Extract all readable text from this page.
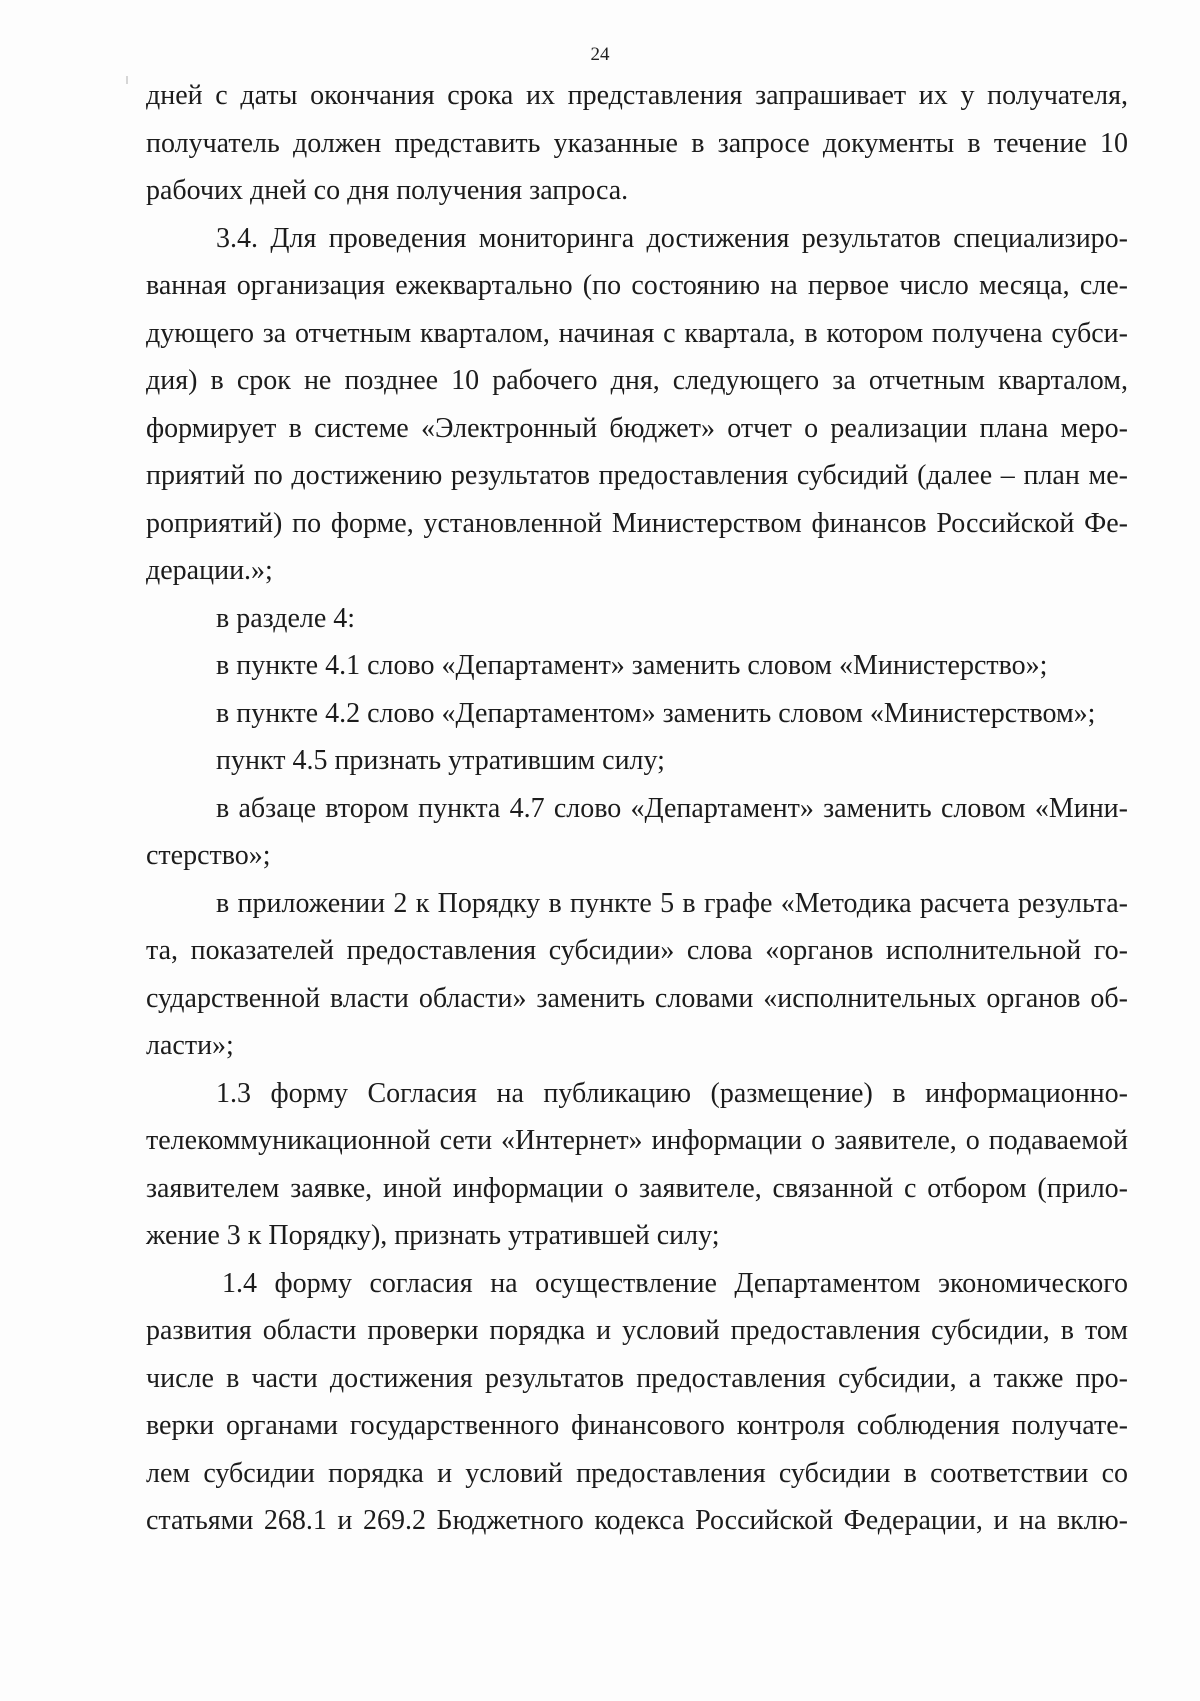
24
дней с даты окончания срока их представления запрашивает их у получателя,
получатель должен представить указанные в запросе документы в течение 10
рабочих дней со дня получения запроса.
3.4. Для проведения мониторинга достижения результатов специализиро-
ванная организация ежеквартально (по состоянию на первое число месяца, сле-
дующего за отчетным кварталом, начиная с квартала, в котором получена субси-
дия) в срок не позднее 10 рабочего дня, следующего за отчетным кварталом,
формирует в системе «Электронный бюджет» отчет о реализации плана меро-
приятий по достижению результатов предоставления субсидий (далее – план ме-
роприятий) по форме, установленной Министерством финансов Российской Фе-
дерации.»;
в разделе 4:
в пункте 4.1 слово «Департамент» заменить словом «Министерство»;
в пункте 4.2 слово «Департаментом» заменить словом «Министерством»;
пункт 4.5 признать утратившим силу;
в абзаце втором пункта 4.7 слово «Департамент» заменить словом «Мини-
стерство»;
в приложении 2 к Порядку в пункте 5 в графе «Методика расчета результа-
та, показателей предоставления субсидии» слова «органов исполнительной го-
сударственной власти области» заменить словами «исполнительных органов об-
ласти»;
1.3 форму Согласия на публикацию (размещение) в информационно-
телекоммуникационной сети «Интернет» информации о заявителе, о подаваемой
заявителем заявке, иной информации о заявителе, связанной с отбором (прило-
жение 3 к Порядку), признать утратившей силу;
1.4 форму согласия на осуществление Департаментом экономического
развития области проверки порядка и условий предоставления субсидии, в том
числе в части достижения результатов предоставления субсидии, а также про-
верки органами государственного финансового контроля соблюдения получате-
лем субсидии порядка и условий предоставления субсидии в соответствии со
статьями 268.1 и 269.2 Бюджетного кодекса Российской Федерации, и на вклю-
